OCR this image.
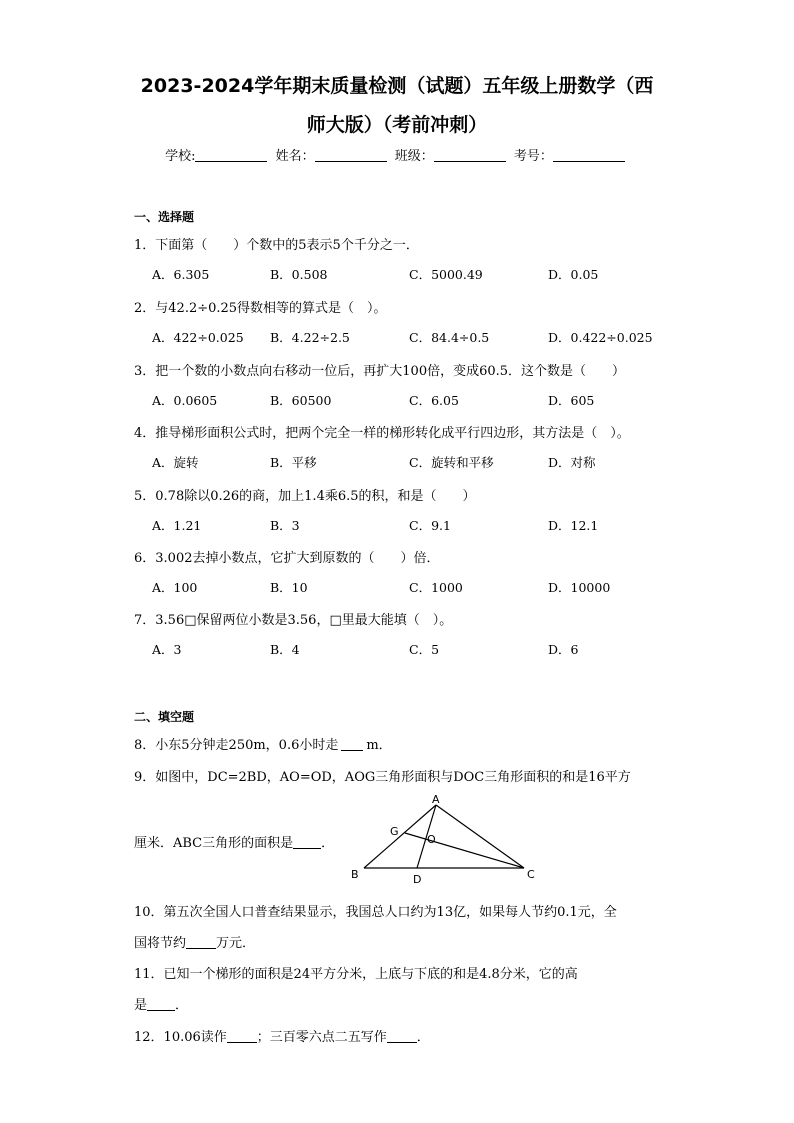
2023-2024学年期末质量检测（试题）五年级上册数学（西
师大版）（考前冲刺）
学校:	姓名：	班级：	考号：
一、选择题
1．下面第（　　）个数中的5表示5个千分之一．
A．6.305	B．0.508	C．5000.49	D．0.05
2．与42.2÷0.25得数相等的算式是（　）。
A．422÷0.025 B．4.22÷2.5	C．84.4÷0.5	D．0.422÷0.025
3．把一个数的小数点向右移动一位后，再扩大100倍，变成60.5．这个数是（　　）
A．0.0605	B．60500	C．6.05	D．605
4．推导梯形面积公式时，把两个完全一样的梯形转化成平行四边形，其方法是（　）。
A．旋转	B．平移	C．旋转和平移	D．对称
5．0.78除以0.26的商，加上1.4乘6.5的积，和是（　　）
A．1.21	B．3	C．9.1	D．12.1
6．3.002去掉小数点，它扩大到原数的（　　）倍．
A．100	B．10	C．1000	D．10000
7．3.56□保留两位小数是3.56，□里最大能填（　）。
A．3	B．4	C．5	D．6
二、填空题
8．小东5分钟走250m，0.6小时走 m．
9．如图中，DC=2BD，AO=OD，AOG三角形面积与DOC三角形面积的和是16平方
厘米．ABC三角形的面积是 ．
A
B	C
D
G
O
10．第五次全国人口普查结果显示，我国总人口约为13亿，如果每人节约0.1元，全
国将节约 万元．
11．已知一个梯形的面积是24平方分米，上底与下底的和是4.8分米，它的高
是 ．
12．10.06读作 ；三百零六点二五写作 ．
